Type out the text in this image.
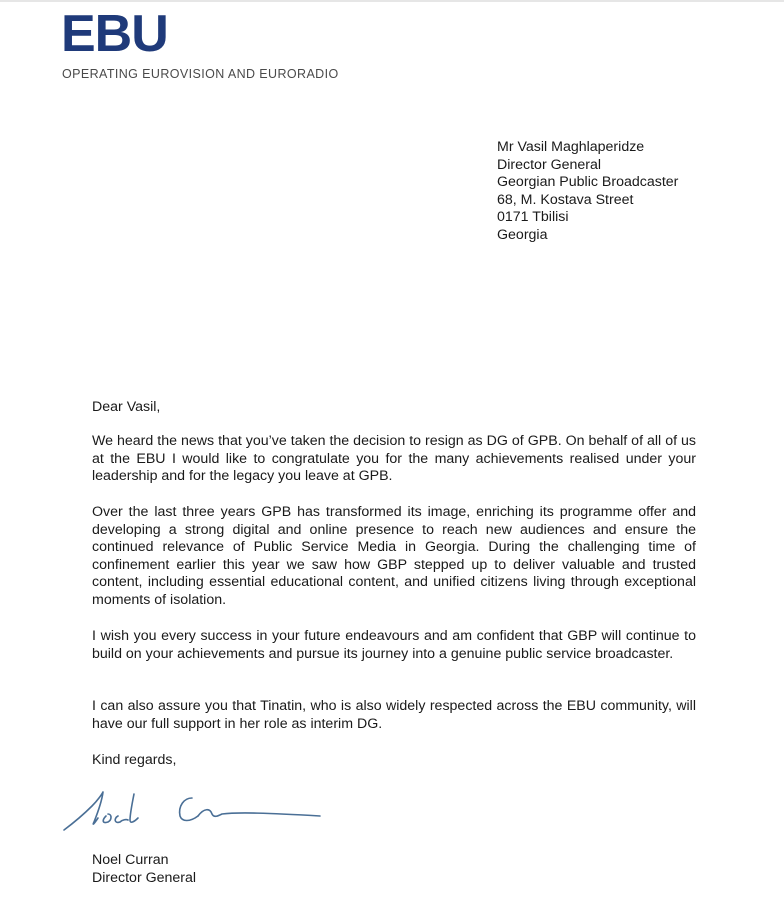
EBU
OPERATING EUROVISION AND EURORADIO
Mr Vasil Maghlaperidze
Director General
Georgian Public Broadcaster
68, M. Kostava Street
0171 Tbilisi
Georgia

Dear Vasil,

We heard the news that you’ve taken the decision to resign as DG of GPB. On behalf of all of us at the EBU I would like to congratulate you for the many achievements realised under your leadership and for the legacy you leave at GPB.

Over the last three years GPB has transformed its image, enriching its programme offer and developing a strong digital and online presence to reach new audiences and ensure the continued relevance of Public Service Media in Georgia. During the challenging time of confinement earlier this year we saw how GBP stepped up to deliver valuable and trusted content, including essential educational content, and unified citizens living through exceptional moments of isolation.

I wish you every success in your future endeavours and am confident that GBP will continue to build on your achievements and pursue its journey into a genuine public service broadcaster.

I can also assure you that Tinatin, who is also widely respected across the EBU community, will have our full support in her role as interim DG.

Kind regards,

Noel Curran
Director General
